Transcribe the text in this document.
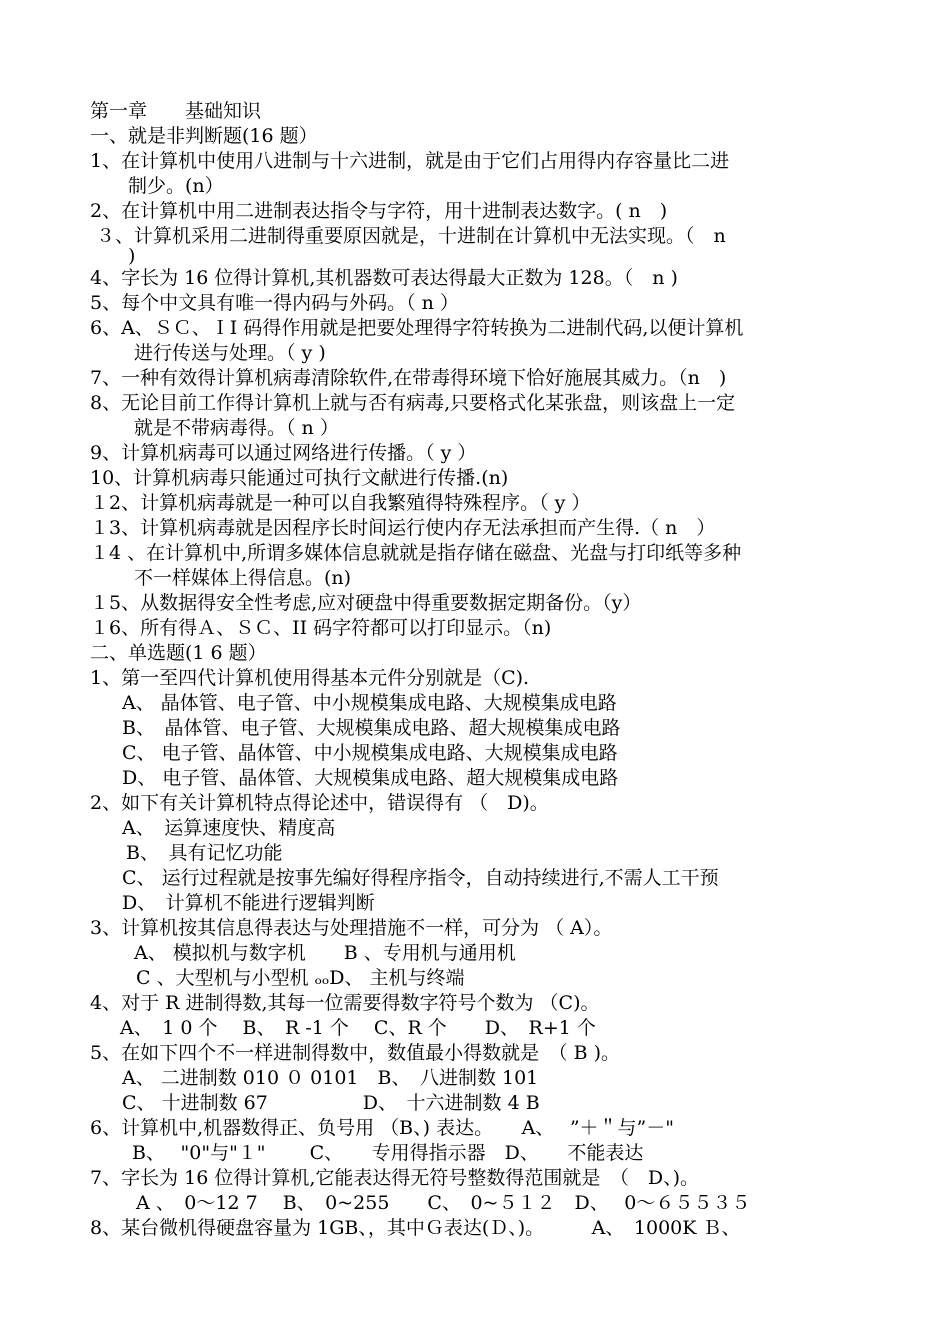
第一章　　基础知识
一、就是非判断题(16 题）
1、在计算机中使用八进制与十六进制，就是由于它们占用得内存容量比二进
制少。(n）
2、在计算机中用二进制表达指令与字符，用十进制表达数字。( n　)
３、计算机采用二进制得重要原因就是，十进制在计算机中无法实现。（　n
)
4、字长为 16 位得计算机,其机器数可表达得最大正数为 128。（　n )
5、每个中文具有唯一得内码与外码。（ n ）
6、A、ＳＣ、ＩI 码得作用就是把要处理得字符转换为二进制代码,以便计算机
进行传送与处理。（ y )
7、一种有效得计算机病毒清除软件,在带毒得环境下恰好施展其威力。（n　)
8、无论目前工作得计算机上就与否有病毒,只要格式化某张盘，则该盘上一定
就是不带病毒得。（ n ）
9、计算机病毒可以通过网络进行传播。（ y ）
10、计算机病毒只能通过可执行文献进行传播.(n)
１2、计算机病毒就是一种可以自我繁殖得特殊程序。（ y ）
１3、计算机病毒就是因程序长时间运行使内存无法承担而产生得.（ n　）
１4 、在计算机中,所谓多媒体信息就就是指存储在磁盘、光盘与打印纸等多种
不一样媒体上得信息。(n)
１5、从数据得安全性考虑,应对硬盘中得重要数据定期备份。（y）
１6、所有得Ａ、ＳＣ、II 码字符都可以打印显示。（n)
二、单选题(1 6 题）
1、第一至四代计算机使用得基本元件分别就是（C).
A、 晶体管、电子管、中小规模集成电路、大规模集成电路
B、　晶体管、电子管、大规模集成电路、超大规模集成电路
C、 电子管、晶体管、中小规模集成电路、大规模集成电路
D、 电子管、晶体管、大规模集成电路、超大规模集成电路
2、如下有关计算机特点得论述中，错误得有 （　D)。
A、　运算速度快、精度高
B、　具有记忆功能
C、 运行过程就是按事先编好得程序指令，自动持续进行,不需人工干预
D、　计算机不能进行逻辑判断
3、计算机按其信息得表达与处理措施不一样，可分为 （ A）。
A、 模拟机与数字机　　B 、专用机与通用机
C 、大型机与小型机 ₒₒD、 主机与终端
4、对于 R 进制得数,其每一位需要得数字符号个数为 （C)。
A、　1 0 个　 B、　R -1 个　 C、R 个　　D、　R+1 个
5、在如下四个不一样进制得数中，数值最小得数就是　（ B )。
A、 二进制数 010 ０ 0101　B、　八进制数 101
C、 十进制数 67　　　　　D、　十六进制数 4 B
6、计算机中,机器数得正、负号用 （B、) 表达。　　A、　 ”＋＂与”－"
B、　 "0"与"１"　　 C、　　专用得指示器　D、　　不能表达
7、字长为 16 位得计算机,它能表达得无符号整数得范围就是　（　D、)。
A 、　0～12 7　 B、　0~255　　C、　0~５１２　D、　 0～６５５３５
8、某台微机得硬盘容量为 1GB、，其中Ｇ表达(Ｄ、)。　　　A、　1000K Ｂ、
